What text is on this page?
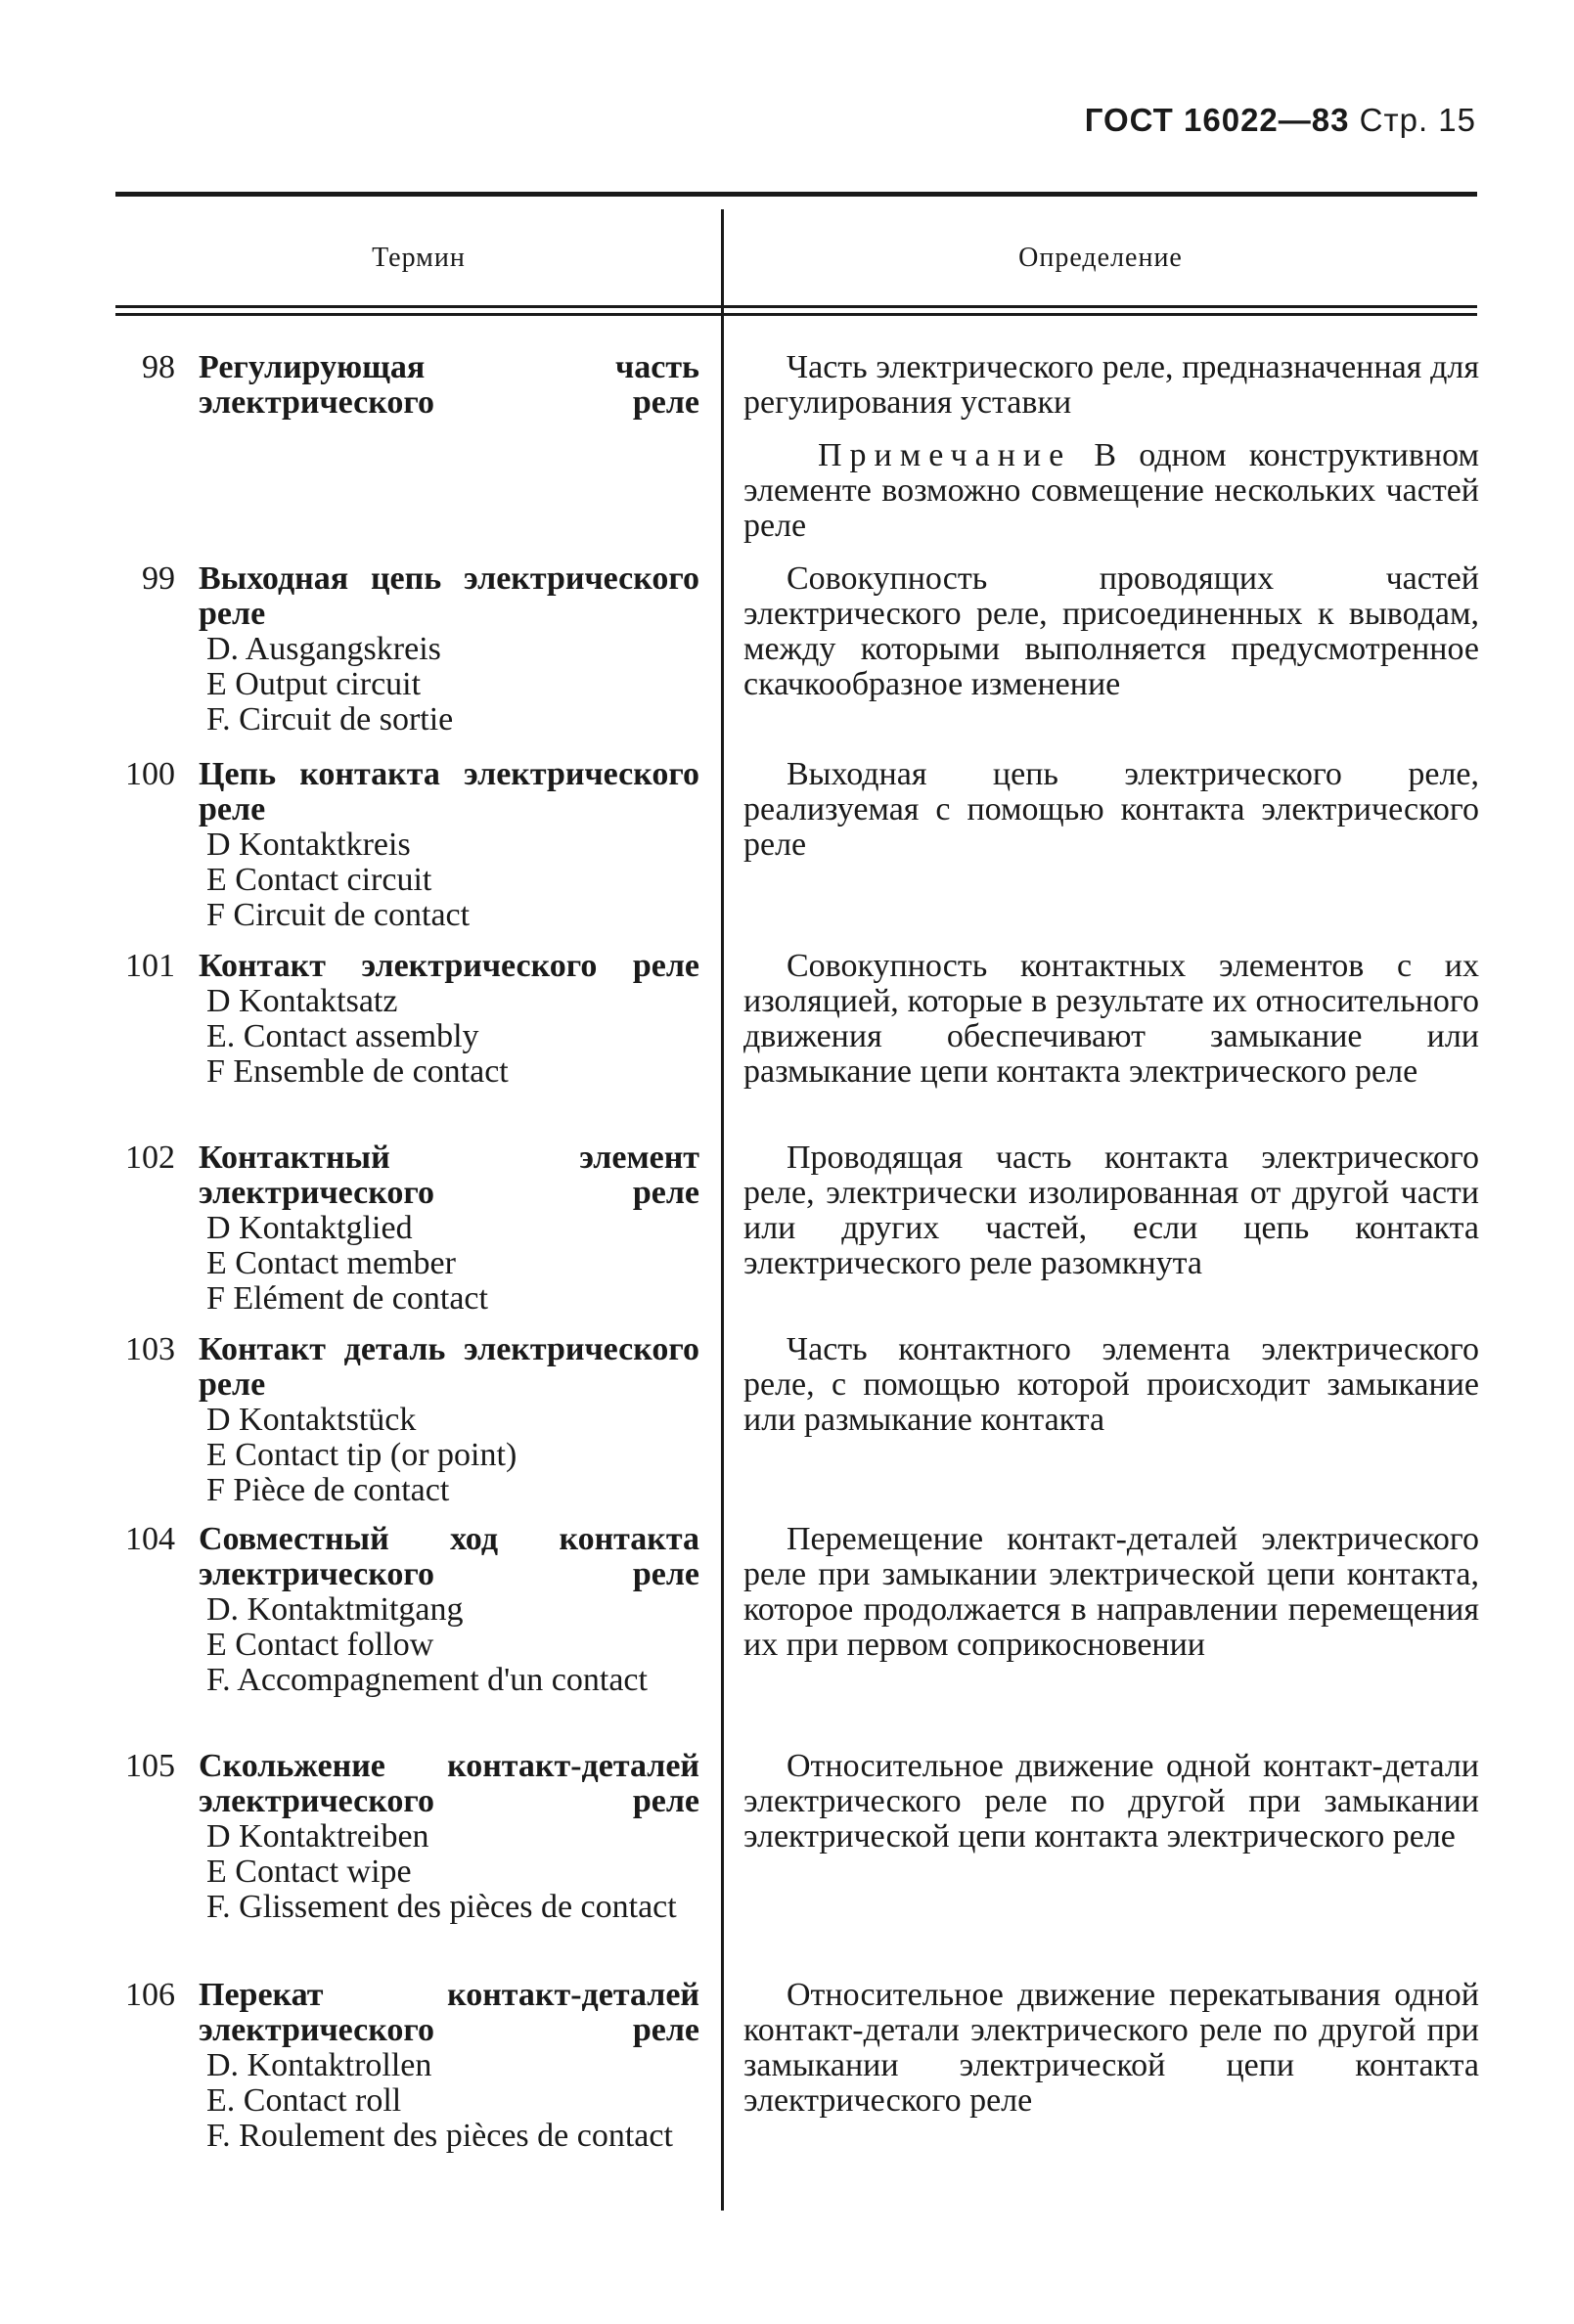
ГОСТ 16022—83 Стр. 15
Термин	Определение
98 Регулирующая часть электрического реле
Часть электрического реле, предназначенная для регулирования уставки
Примечание В одном конструктивном элементе возможно совмещение нескольких частей реле
99 Выходная цепь электрического реле
D. Ausgangskreis
E Output circuit
F. Circuit de sortie
Совокупность проводящих частей электрического реле, присоединенных к выводам, между которыми выполняется предусмотренное скачкообразное изменение
100 Цепь контакта электрического реле
D Kontaktkreis
E Contact circuit
F Circuit de contact
Выходная цепь электрического реле, реализуемая с помощью контакта электрического реле
101 Контакт электрического реле
D Kontaktsatz
E. Contact assembly
F Ensemble de contact
Совокупность контактных элементов с их изоляцией, которые в результате их относительного движения обеспечивают замыкание или размыкание цепи контакта электрического реле
102 Контактный элемент электрического реле
D Kontaktglied
E Contact member
F Elément de contact
Проводящая часть контакта электрического реле, электрически изолированная от другой части или других частей, если цепь контакта электрического реле разомкнута
103 Контакт деталь электрического реле
D Kontaktstück
E Contact tip (or point)
F Pièce de contact
Часть контактного элемента электрического реле, с помощью которой происходит замыкание или размыкание контакта
104 Совместный ход контакта электрического реле
D. Kontaktmitgang
E Contact follow
F. Accompagnement d'un contact
Перемещение контакт-деталей электрического реле при замыкании электрической цепи контакта, которое продолжается в направлении перемещения их при первом соприкосновении
105 Скольжение контакт-деталей электрического реле
D Kontaktreiben
E Contact wipe
F. Glissement des pièces de contact
Относительное движение одной контакт-детали электрического реле по другой при замыкании электрической цепи контакта электрического реле
106 Перекат контакт-деталей электрического реле
D. Kontaktrollen
E. Contact roll
F. Roulement des pièces de contact
Относительное движение перекатывания одной контакт-детали электрического реле по другой при замыкании электрической цепи контакта электрического реле
